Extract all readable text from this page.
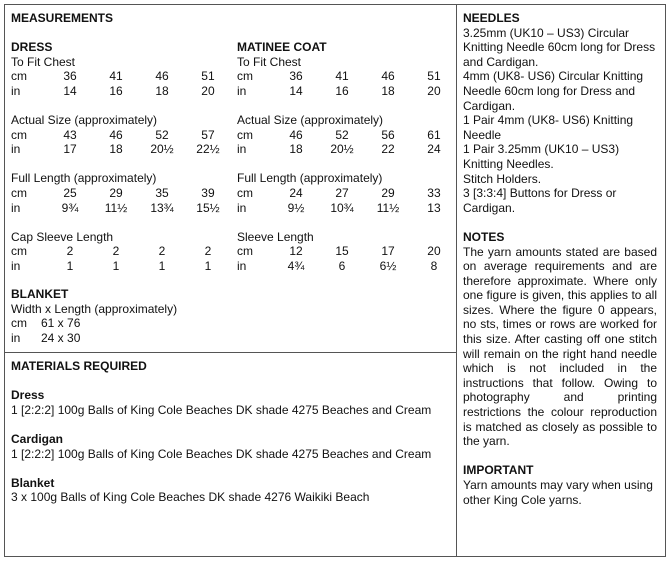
MEASUREMENTS
DRESS
To Fit Chest
cm	36	41	46	51
in	14	16	18	20
Actual Size (approximately)
cm	43	46	52	57
in	17	18	20½	22½
Full Length (approximately)
cm	25	29	35	39
in	9¾	11½	13¾	15½
Cap Sleeve Length
cm	2	2	2	2
in	1	1	1	1
MATINEE COAT
To Fit Chest
cm	36	41	46	51
in	14	16	18	20
Actual Size (approximately)
cm	46	52	56	61
in	18	20½	22	24
Full Length (approximately)
cm	24	27	29	33
in	9½	10¾	11½	13
Sleeve Length
cm	12	15	17	20
in	4¾	6	6½	8
BLANKET
Width x Length (approximately)
cm	61 x 76
in	24 x 30
MATERIALS REQUIRED
Dress
1 [2:2:2] 100g Balls of King Cole Beaches DK shade 4275 Beaches and Cream
Cardigan
1 [2:2:2] 100g Balls of King Cole Beaches DK shade 4275 Beaches and Cream
Blanket
3 x 100g Balls of King Cole Beaches DK shade 4276 Waikiki Beach
NEEDLES
3.25mm (UK10 – US3) Circular Knitting Needle 60cm long for Dress and Cardigan.
4mm (UK8- US6) Circular Knitting Needle 60cm long for Dress and Cardigan.
1 Pair 4mm (UK8- US6) Knitting Needle
1 Pair 3.25mm (UK10 – US3) Knitting Needles.
Stitch Holders.
3 [3:3:4] Buttons for Dress or Cardigan.
NOTES
The yarn amounts stated are based on average requirements and are therefore approximate. Where only one figure is given, this applies to all sizes. Where the figure 0 appears, no sts, times or rows are worked for this size. After casting off one stitch will remain on the right hand needle which is not included in the instructions that follow. Owing to photography and printing restrictions the colour reproduction is matched as closely as possible to the yarn.
IMPORTANT
Yarn amounts may vary when using other King Cole yarns.
